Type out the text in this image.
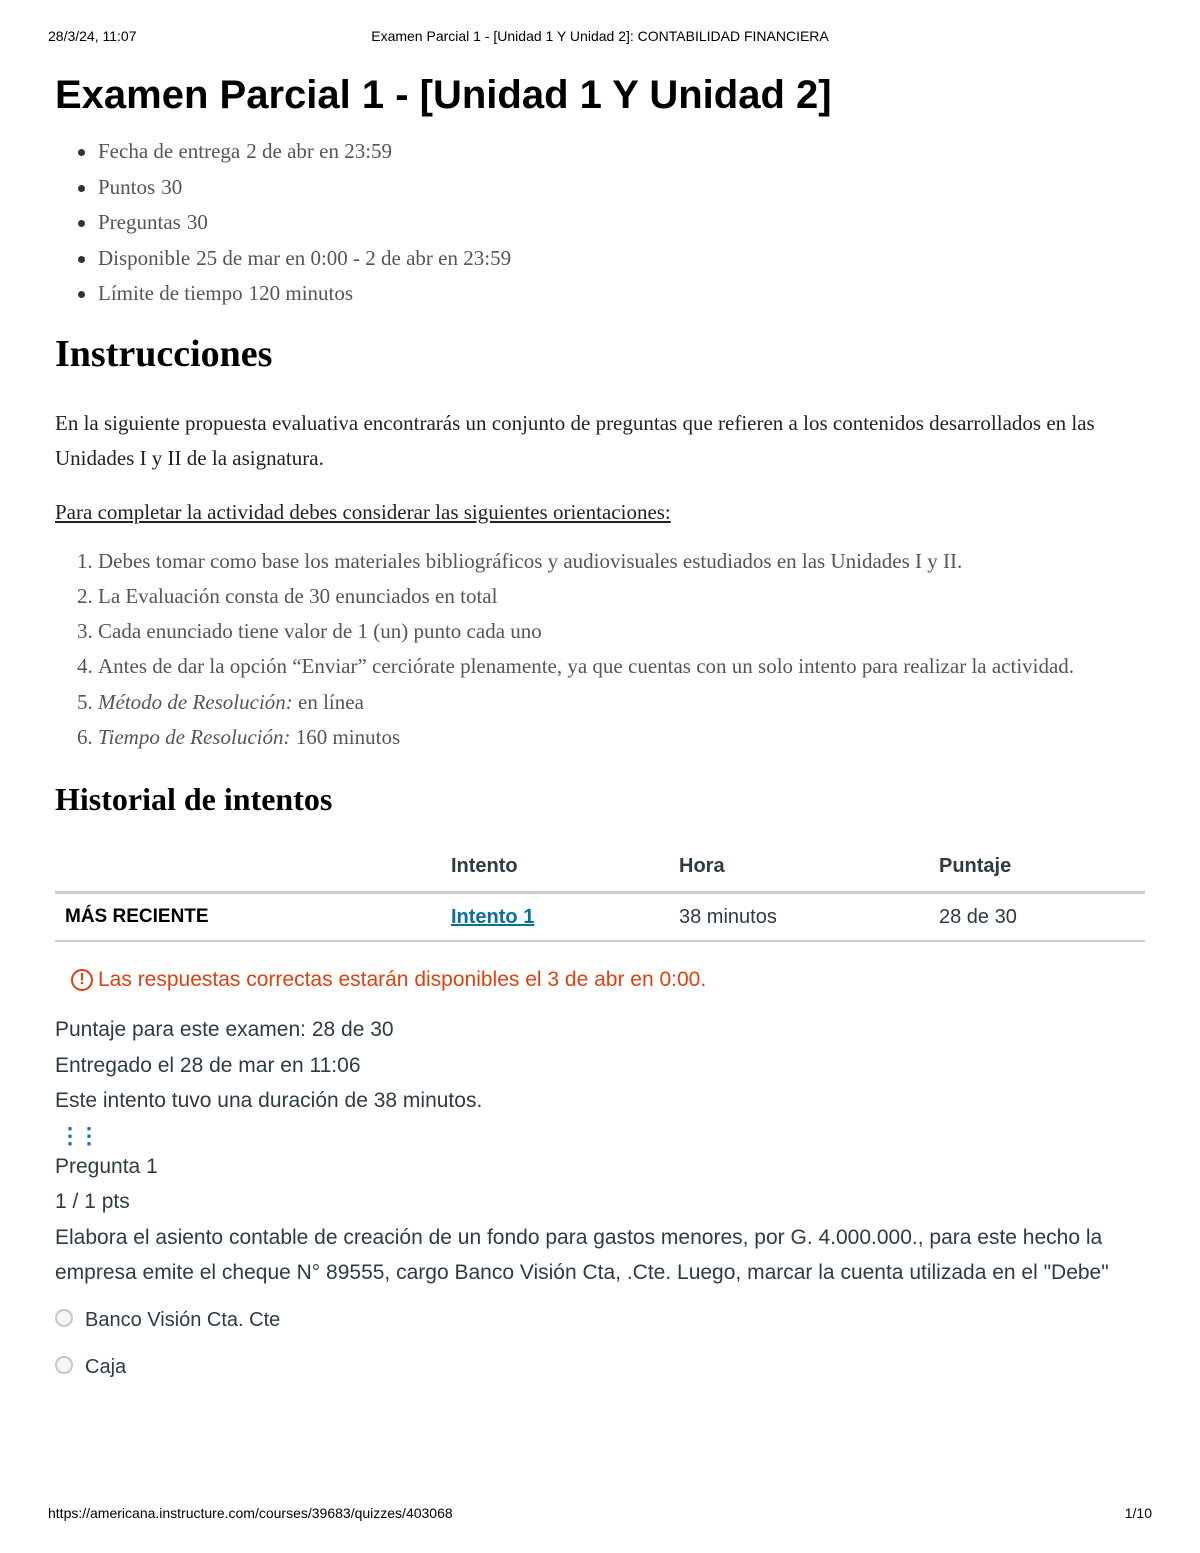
28/3/24, 11:07	Examen Parcial 1 - [Unidad 1 Y Unidad 2]: CONTABILIDAD FINANCIERA
Examen Parcial 1 - [Unidad 1 Y Unidad 2]
Fecha de entrega 2 de abr en 23:59
Puntos 30
Preguntas 30
Disponible 25 de mar en 0:00 - 2 de abr en 23:59
Límite de tiempo 120 minutos
Instrucciones

En la siguiente propuesta evaluativa encontrarás un conjunto de preguntas que refieren a los contenidos desarrollados en las Unidades I y II de la asignatura.

Para completar la actividad debes considerar las siguientes orientaciones:

1. Debes tomar como base los materiales bibliográficos y audiovisuales estudiados en las Unidades I y II.
2. La Evaluación consta de 30 enunciados en total
3. Cada enunciado tiene valor de 1 (un) punto cada uno
4. Antes de dar la opción “Enviar” cerciórate plenamente, ya que cuentas con un solo intento para realizar la actividad.
5. Método de Resolución: en línea
6. Tiempo de Resolución: 160 minutos
Historial de intentos
	Intento	Hora	Puntaje
MÁS RECIENTE	Intento 1	38 minutos	28 de 30
! Las respuestas correctas estarán disponibles el 3 de abr en 0:00.
Puntaje para este examen: 28 de 30
Entregado el 28 de mar en 11:06
Este intento tuvo una duración de 38 minutos.
⋮⋮
Pregunta 1
1 / 1 pts
Elabora el asiento contable de creación de un fondo para gastos menores, por G. 4.000.000., para este hecho la empresa emite el cheque N° 89555, cargo Banco Visión Cta, .Cte. Luego, marcar la cuenta utilizada en el "Debe"
Banco Visión Cta. Cte
Caja
https://americana.instructure.com/courses/39683/quizzes/403068	1/10
